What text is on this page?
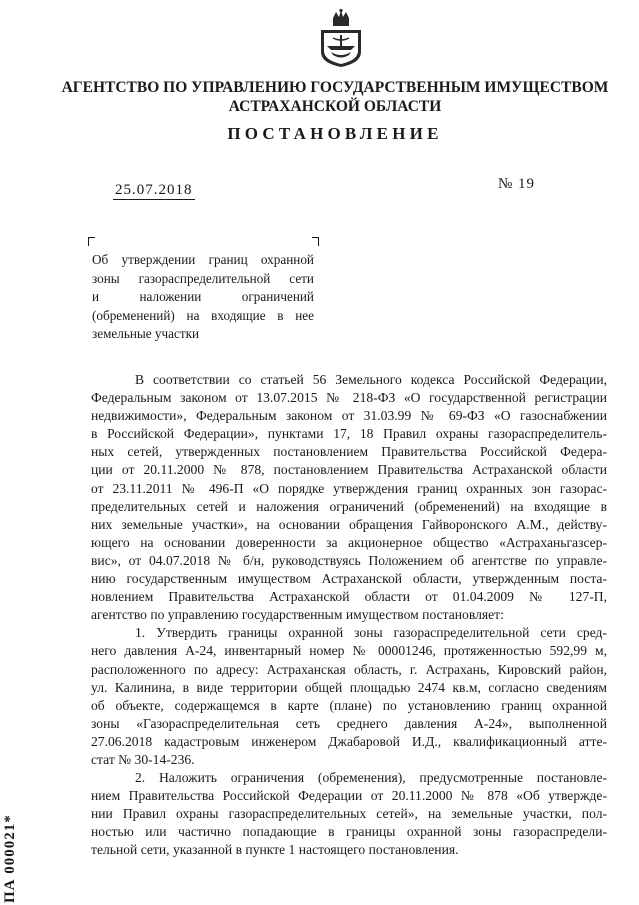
АГЕНТСТВО ПО УПРАВЛЕНИЮ ГОСУДАРСТВЕННЫМ ИМУЩЕСТВОМ
АСТРАХАНСКОЙ ОБЛАСТИ
ПОСТАНОВЛЕНИЕ
25.07.2018	№ 19
Об утверждении границ охранной
зоны газораспределительной сети
и наложении ограничений
(обременений) на входящие в нее
земельные участки
В соответствии со статьей 56 Земельного кодекса Российской Федерации,
Федеральным законом от 13.07.2015 № 218-ФЗ «О государственной регистрации
недвижимости», Федеральным законом от 31.03.99 № 69-ФЗ «О газоснабжении
в Российской Федерации», пунктами 17, 18 Правил охраны газораспределитель-
ных сетей, утвержденных постановлением Правительства Российской Федера-
ции от 20.11.2000 № 878, постановлением Правительства Астраханской области
от 23.11.2011 № 496-П «О порядке утверждения границ охранных зон газорас-
пределительных сетей и наложения ограничений (обременений) на входящие в
них земельные участки», на основании обращения Гайворонского А.М., действу-
ющего на основании доверенности за акционерное общество «Астраханьгазсер-
вис», от 04.07.2018 № б/н, руководствуясь Положением об агентстве по управле-
нию государственным имуществом Астраханской области, утвержденным поста-
новлением Правительства Астраханской области от 01.04.2009 № 127-П,
агентство по управлению государственным имуществом постановляет:
1. Утвердить границы охранной зоны газораспределительной сети сред-
него давления А-24, инвентарный номер № 00001246, протяженностью 592,99 м,
расположенного по адресу: Астраханская область, г. Астрахань, Кировский район,
ул. Калинина, в виде территории общей площадью 2474 кв.м, согласно сведениям
об объекте, содержащемся в карте (плане) по установлению границ охранной
зоны «Газораспределительная сеть среднего давления А-24», выполненной
27.06.2018 кадастровым инженером Джабаровой И.Д., квалификационный аттe-
стат № 30-14-236.
2. Наложить ограничения (обременения), предусмотренные постановле-
нием Правительства Российской Федерации от 20.11.2000 № 878 «Об утвержде-
нии Правил охраны газораспределительных сетей», на земельные участки, пол-
ностью или частично попадающие в границы охранной зоны газораспредели-
тельной сети, указанной в пункте 1 настоящего постановления.
ПА 000021*
